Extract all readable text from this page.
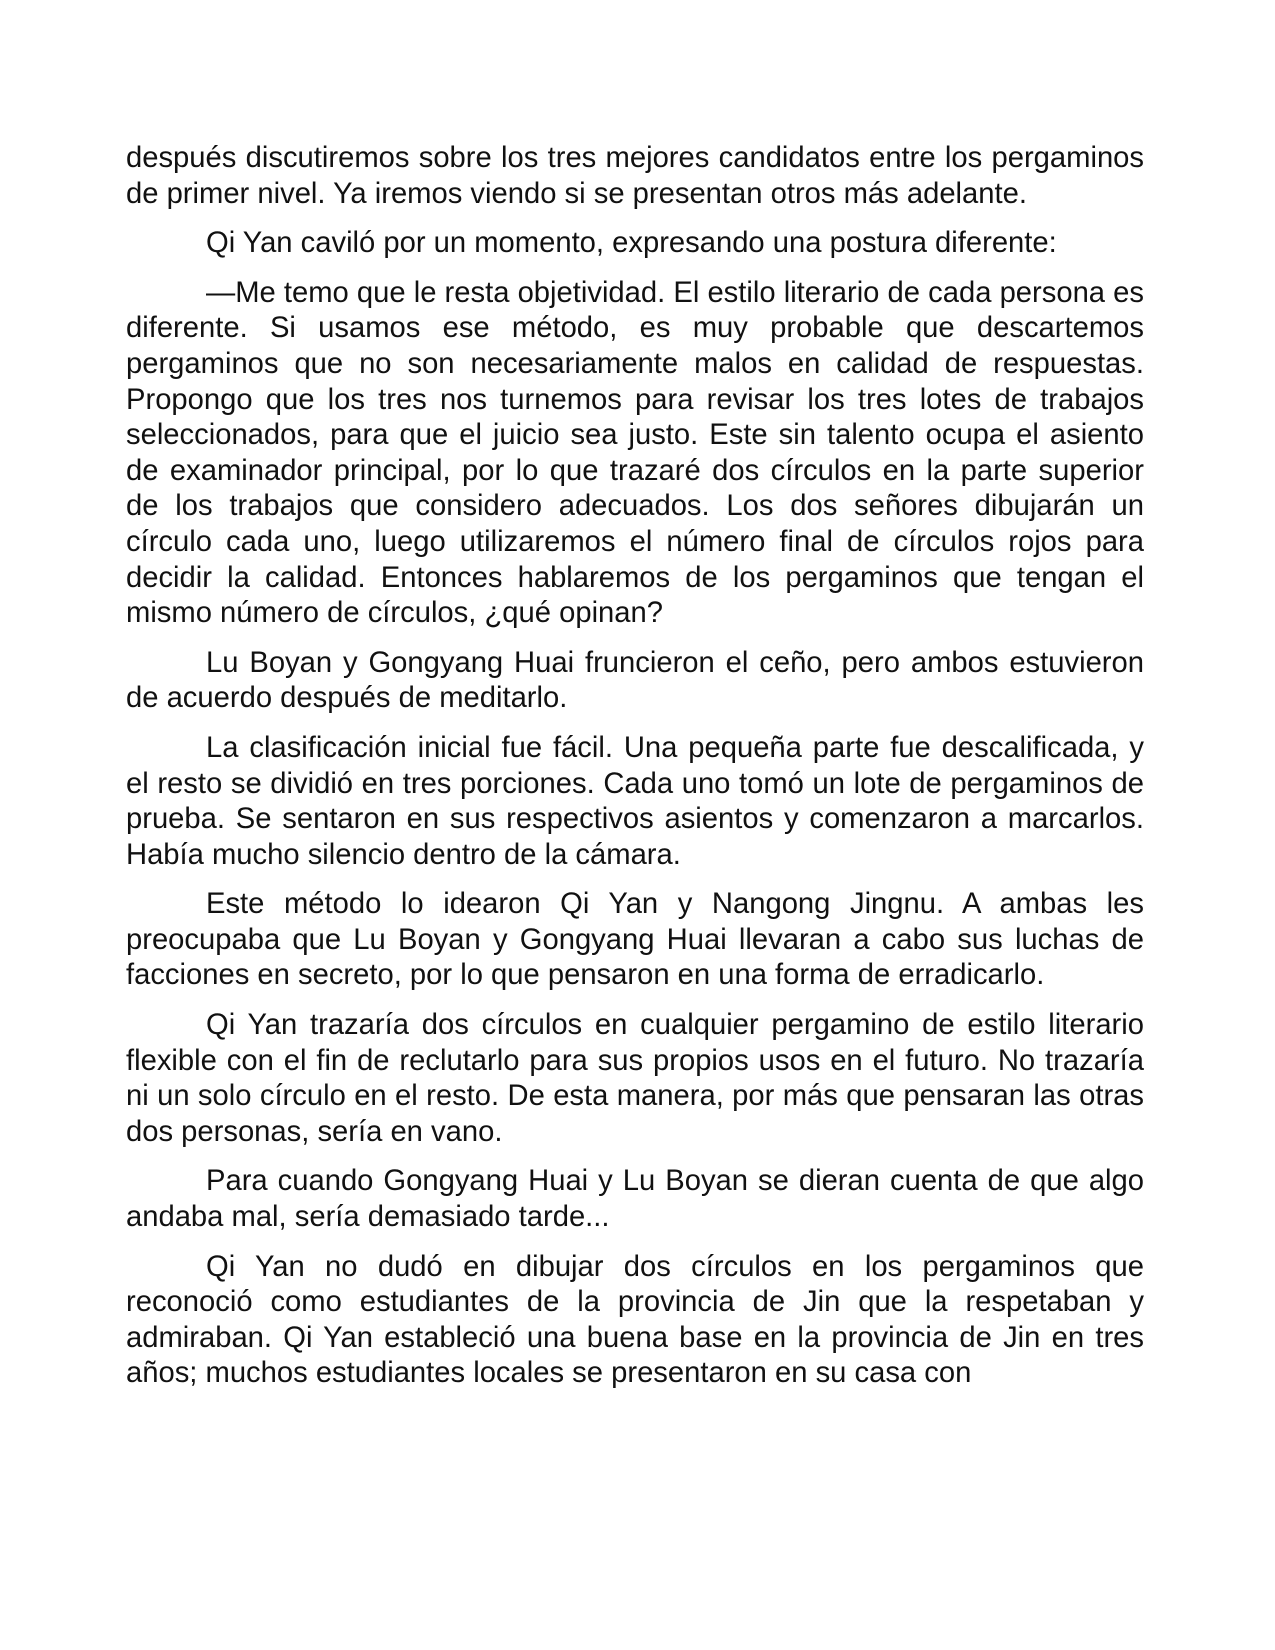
después discutiremos sobre los tres mejores candidatos entre los pergaminos de primer nivel. Ya iremos viendo si se presentan otros más adelante.

Qi Yan caviló por un momento, expresando una postura diferente:

—Me temo que le resta objetividad. El estilo literario de cada persona es diferente. Si usamos ese método, es muy probable que descartemos pergaminos que no son necesariamente malos en calidad de respuestas. Propongo que los tres nos turnemos para revisar los tres lotes de trabajos seleccionados, para que el juicio sea justo. Este sin talento ocupa el asiento de examinador principal, por lo que trazaré dos círculos en la parte superior de los trabajos que considero adecuados. Los dos señores dibujarán un círculo cada uno, luego utilizaremos el número final de círculos rojos para decidir la calidad. Entonces hablaremos de los pergaminos que tengan el mismo número de círculos, ¿qué opinan?

Lu Boyan y Gongyang Huai fruncieron el ceño, pero ambos estuvieron de acuerdo después de meditarlo.

La clasificación inicial fue fácil. Una pequeña parte fue descalificada, y el resto se dividió en tres porciones. Cada uno tomó un lote de pergaminos de prueba. Se sentaron en sus respectivos asientos y comenzaron a marcarlos. Había mucho silencio dentro de la cámara.

Este método lo idearon Qi Yan y Nangong Jingnu. A ambas les preocupaba que Lu Boyan y Gongyang Huai llevaran a cabo sus luchas de facciones en secreto, por lo que pensaron en una forma de erradicarlo.

Qi Yan trazaría dos círculos en cualquier pergamino de estilo literario flexible con el fin de reclutarlo para sus propios usos en el futuro. No trazaría ni un solo círculo en el resto. De esta manera, por más que pensaran las otras dos personas, sería en vano.

Para cuando Gongyang Huai y Lu Boyan se dieran cuenta de que algo andaba mal, sería demasiado tarde...

Qi Yan no dudó en dibujar dos círculos en los pergaminos que reconoció como estudiantes de la provincia de Jin que la respetaban y admiraban. Qi Yan estableció una buena base en la provincia de Jin en tres años; muchos estudiantes locales se presentaron en su casa con
